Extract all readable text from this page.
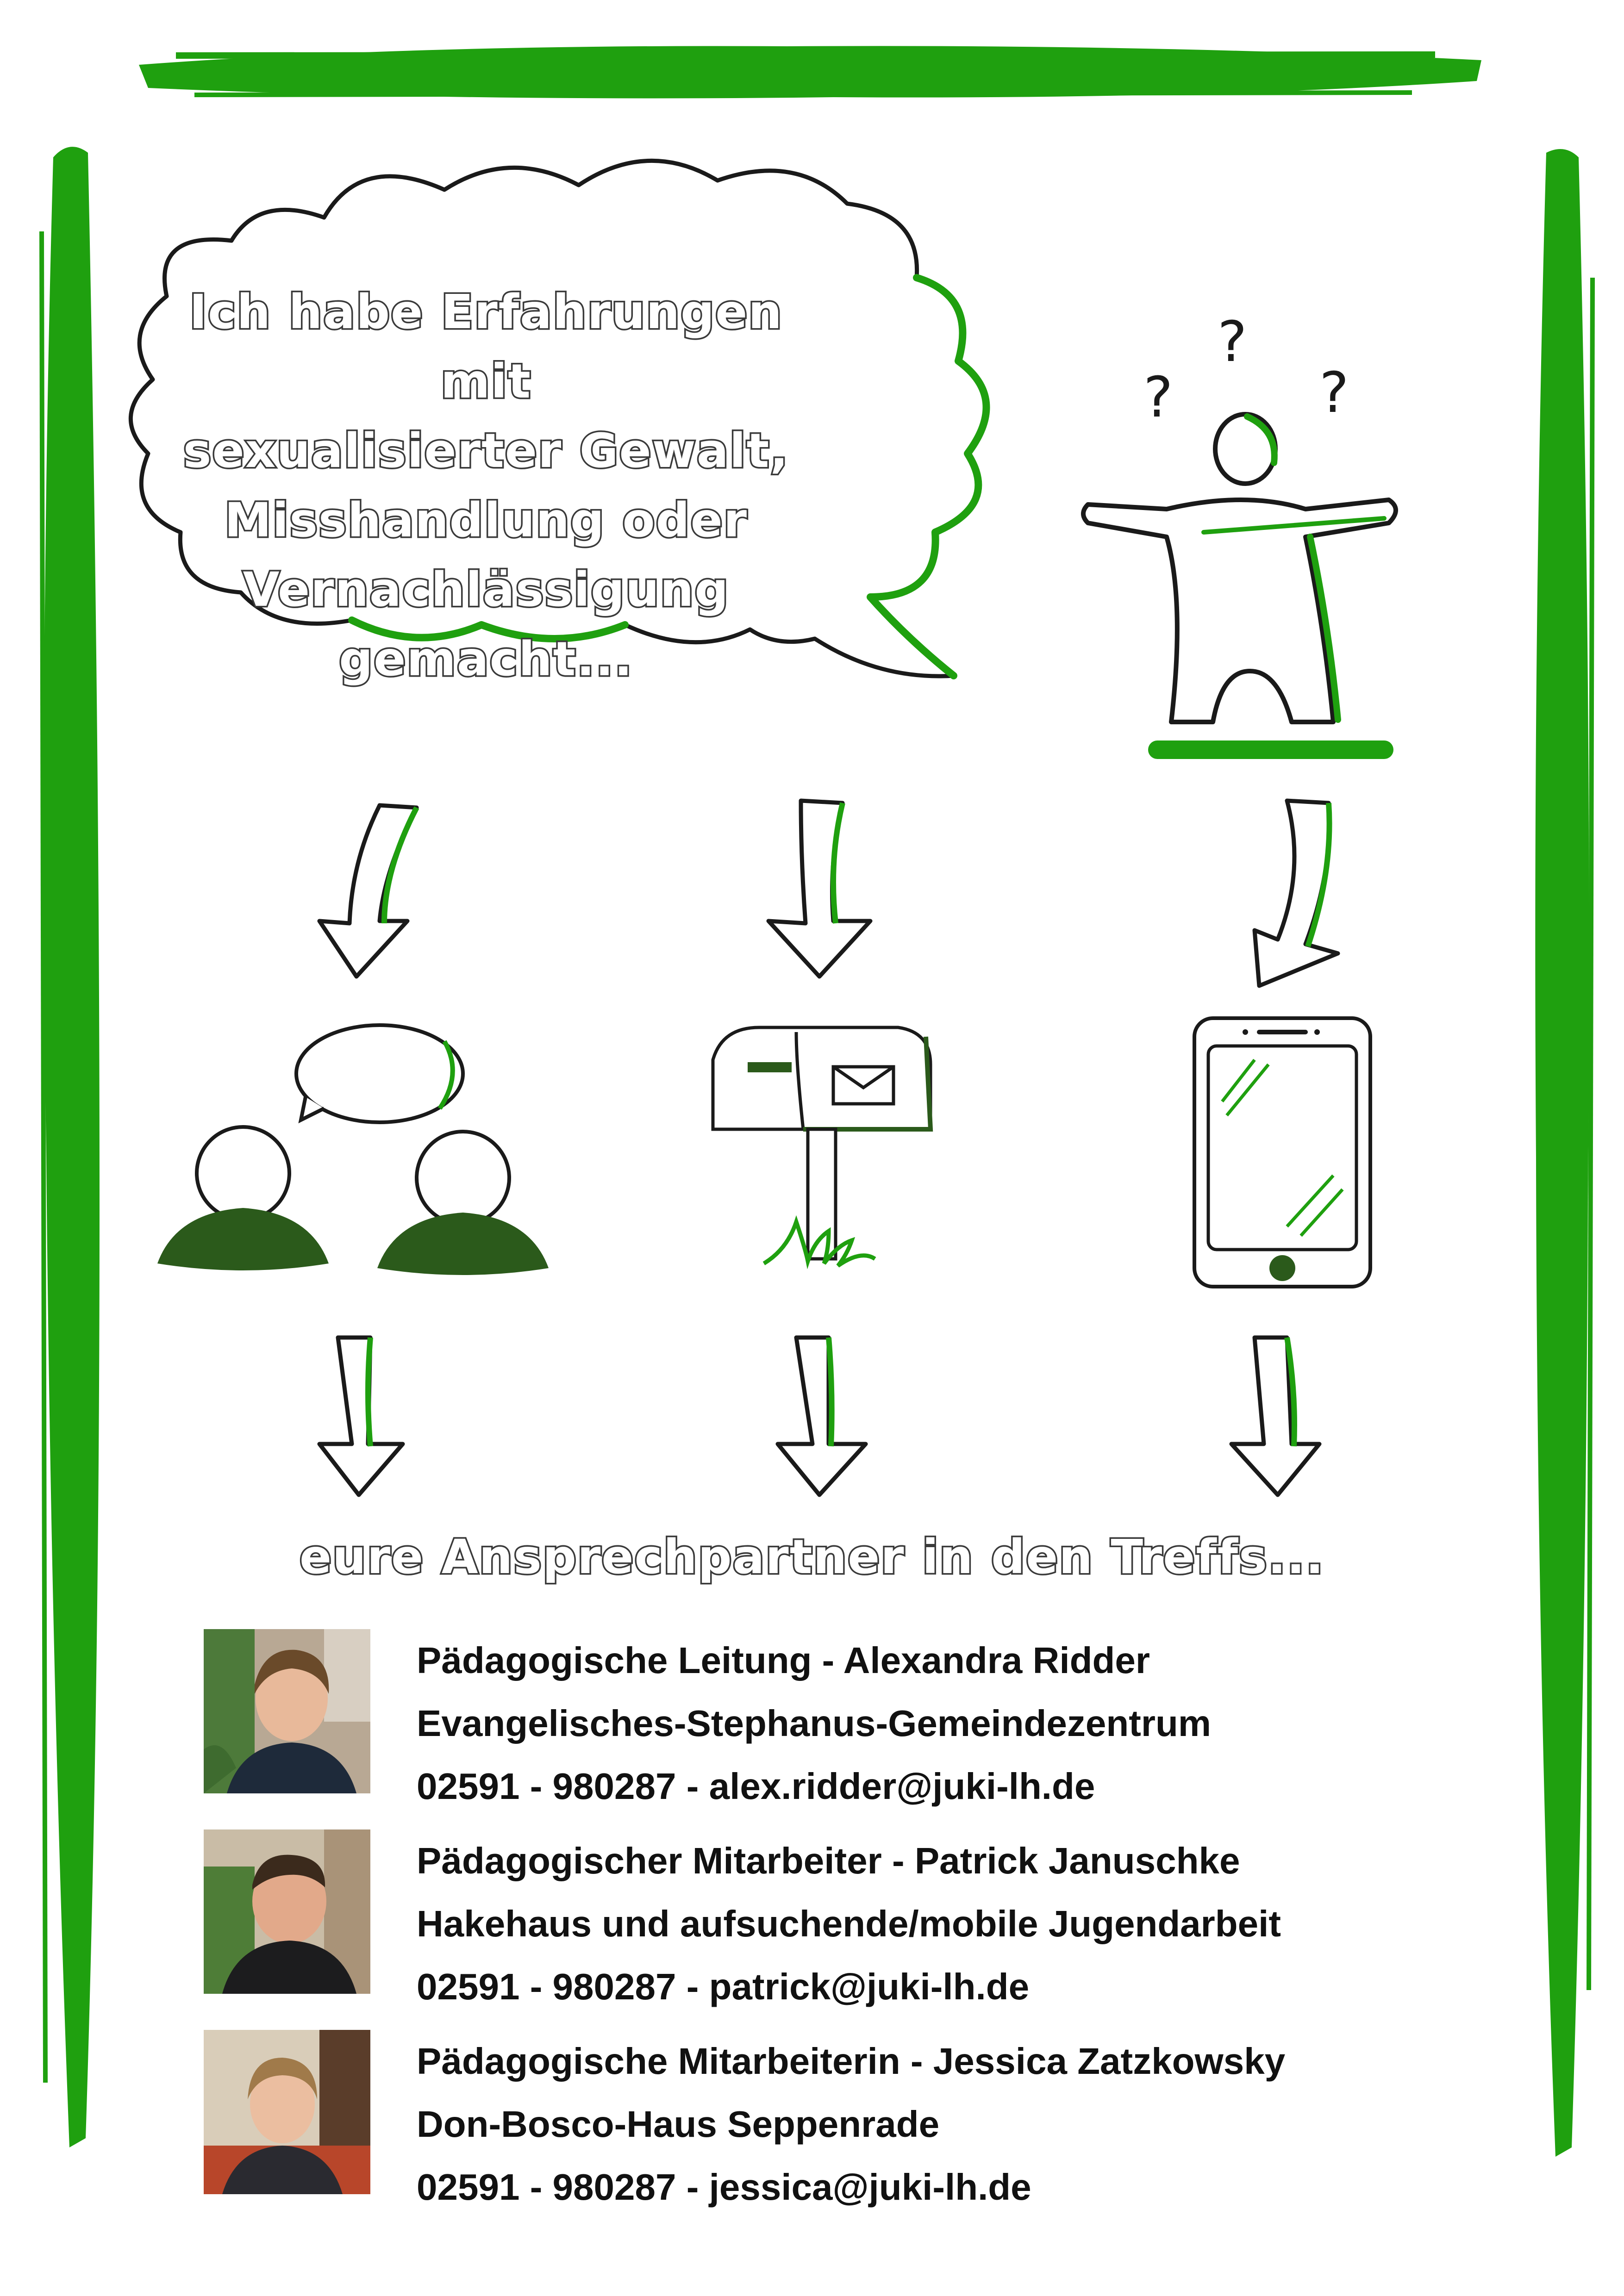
?
?
?
Ich habe Erfahrungen mit
sexualisierter Gewalt,
Misshandlung oder
Vernachlässigung gemacht...
eure Ansprechpartner in den Treffs...
Pädagogische Leitung - Alexandra Ridder
Evangelisches-Stephanus-Gemeindezentrum
02591 - 980287 - alex.ridder@juki-lh.de
Pädagogischer Mitarbeiter - Patrick Januschke
Hakehaus und aufsuchende/mobile Jugendarbeit
02591 - 980287 - patrick@juki-lh.de
Pädagogische Mitarbeiterin - Jessica Zatzkowsky
Don-Bosco-Haus Seppenrade
02591 - 980287 - jessica@juki-lh.de
